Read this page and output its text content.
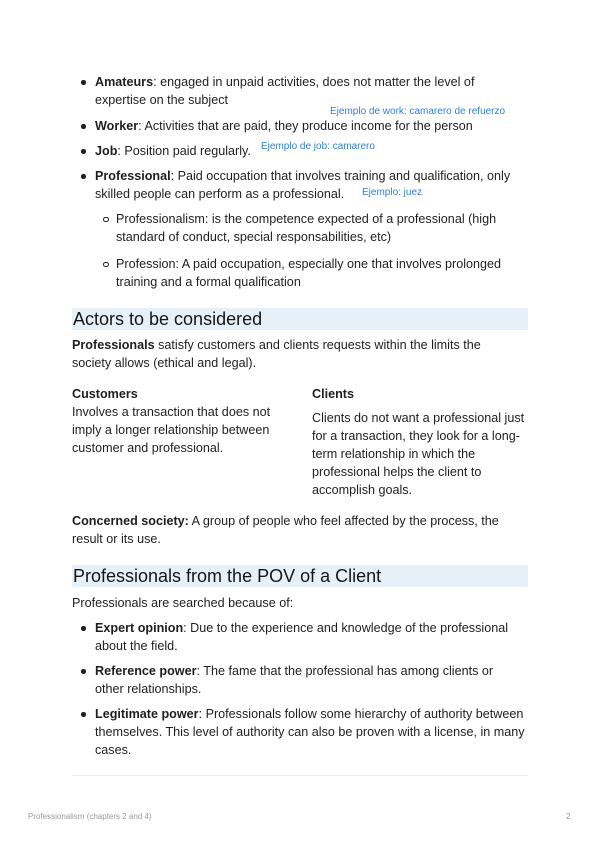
Amateurs: engaged in unpaid activities, does not matter the level of expertise on the subject
Worker: Activities that are paid, they produce income for the person
Job: Position paid regularly.
Professional: Paid occupation that involves training and qualification, only skilled people can perform as a professional.
Ejemplo de work: camarero de refuerzo
Ejemplo de job: camarero
Ejemplo: juez
Professionalism: is the competence expected of a professional (high standard of conduct, special responsabilities, etc)
Profession: A paid occupation, especially one that involves prolonged training and a formal qualification
Actors to be considered
Professionals satisfy customers and clients requests within the limits the society allows (ethical and legal).
Customers
Involves a transaction that does not imply a longer relationship between customer and professional.
Clients
Clients do not want a professional just for a transaction, they look for a long-term relationship in which the professional helps the client to accomplish goals.
Concerned society: A group of people who feel affected by the process, the result or its use.
Professionals from the POV of a Client
Professionals are searched because of:
Expert opinion: Due to the experience and knowledge of the professional about the field.
Reference power: The fame that the professional has among clients or other relationships.
Legitimate power: Professionals follow some hierarchy of authority between themselves. This level of authority can also be proven with a license, in many cases.
Professionalism (chapters 2 and 4)	2
